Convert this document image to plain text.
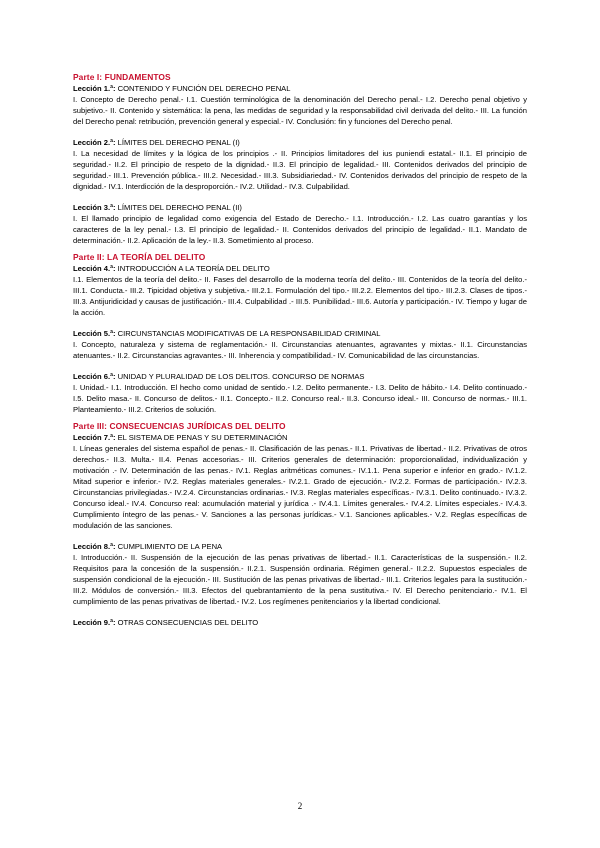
Parte I: FUNDAMENTOS
Lección 1.ª: CONTENIDO Y FUNCIÓN DEL DERECHO PENAL
I. Concepto de Derecho penal.- I.1. Cuestión terminológica de la denominación del Derecho penal.- I.2. Derecho penal objetivo y subjetivo.- II. Contenido y sistemática: la pena, las medidas de seguridad y la responsabilidad civil derivada del delito.- III. La función del Derecho penal: retribución, prevención general y especial.- IV. Conclusión: fin y funciones del Derecho penal.
Lección 2.ª: LÍMITES DEL DERECHO PENAL (I)
I. La necesidad de límites y la lógica de los principios .- II. Principios limitadores del ius puniendi estatal.- II.1. El principio de seguridad.- II.2. El principio de respeto de la dignidad.- II.3. El principio de legalidad.- III. Contenidos derivados del principio de seguridad.- III.1. Prevención pública.- III.2. Necesidad.- III.3. Subsidiariedad.- IV. Contenidos derivados del principio de respeto de la dignidad.- IV.1. Interdicción de la desproporción.- IV.2. Utilidad.- IV.3. Culpabilidad.
Lección 3.ª: LÍMITES DEL DERECHO PENAL (II)
I. El llamado principio de legalidad como exigencia del Estado de Derecho.- I.1. Introducción.- I.2. Las cuatro garantías y los caracteres de la ley penal.- I.3. El principio de legalidad.- II. Contenidos derivados del principio de legalidad.- II.1. Mandato de determinación.- II.2. Aplicación de la ley.- II.3. Sometimiento al proceso.
Parte II: LA TEORÍA DEL DELITO
Lección 4.ª: INTRODUCCIÓN A LA TEORÍA DEL DELITO
I.1. Elementos de la teoría del delito.- II. Fases del desarrollo de la moderna teoría del delito.- III. Contenidos de la teoría del delito.- III.1. Conducta.- III.2. Tipicidad objetiva y subjetiva.- III.2.1. Formulación del tipo.- III.2.2. Elementos del tipo.- III.2.3. Clases de tipos.- III.3. Antijuridicidad y causas de justificación.- III.4. Culpabilidad .- III.5. Punibilidad.- III.6. Autoría y participación.- IV. Tiempo y lugar de la acción.
Lección 5.ª: CIRCUNSTANCIAS MODIFICATIVAS DE LA RESPONSABILIDAD CRIMINAL
I. Concepto, naturaleza y sistema de reglamentación.- II. Circunstancias atenuantes, agravantes y mixtas.- II.1. Circunstancias atenuantes.- II.2. Circunstancias agravantes.- III. Inherencia y compatibilidad.- IV. Comunicabilidad de las circunstancias.
Lección 6.ª: UNIDAD Y PLURALIDAD DE LOS DELITOS. CONCURSO DE NORMAS
I. Unidad.- I.1. Introducción. El hecho como unidad de sentido.- I.2. Delito permanente.- I.3. Delito de hábito.- I.4. Delito continuado.- I.5. Delito masa.- II. Concurso de delitos.- II.1. Concepto.- II.2. Concurso real.- II.3. Concurso ideal.- III. Concurso de normas.- III.1. Planteamiento.- III.2. Criterios de solución.
Parte III: CONSECUENCIAS JURÍDICAS DEL DELITO
Lección 7.ª: EL SISTEMA DE PENAS Y SU DETERMINACIÓN
I. Líneas generales del sistema español de penas.- II. Clasificación de las penas.- II.1. Privativas de libertad.- II.2. Privativas de otros derechos.- II.3. Multa.- II.4. Penas accesorias.- III. Criterios generales de determinación: proporcionalidad, individualización y motivación .- IV. Determinación de las penas.- IV.1. Reglas aritméticas comunes.- IV.1.1. Pena superior e inferior en grado.- IV.1.2. Mitad superior e inferior.- IV.2. Reglas materiales generales.- IV.2.1. Grado de ejecución.- IV.2.2. Formas de participación.- IV.2.3. Circunstancias privilegiadas.- IV.2.4. Circunstancias ordinarias.- IV.3. Reglas materiales específicas.- IV.3.1. Delito continuado.- IV.3.2. Concurso ideal.- IV.4. Concurso real: acumulación material y jurídica .- IV.4.1. Límites generales.- IV.4.2. Límites especiales.- IV.4.3. Cumplimiento íntegro de las penas.- V. Sanciones a las personas jurídicas.- V.1. Sanciones aplicables.- V.2. Reglas específicas de modulación de las sanciones.
Lección 8.ª: CUMPLIMIENTO DE LA PENA
I. Introducción.- II. Suspensión de la ejecución de las penas privativas de libertad.- II.1. Características de la suspensión.- II.2. Requisitos para la concesión de la suspensión.- II.2.1. Suspensión ordinaria. Régimen general.- II.2.2. Supuestos especiales de suspensión condicional de la ejecución.- III. Sustitución de las penas privativas de libertad.- III.1. Criterios legales para la sustitución.- III.2. Módulos de conversión.- III.3. Efectos del quebrantamiento de la pena sustitutiva.- IV. El Derecho penitenciario.- IV.1. El cumplimiento de las penas privativas de libertad.- IV.2. Los regímenes penitenciarios y la libertad condicional.
Lección 9.ª: OTRAS CONSECUENCIAS DEL DELITO
2
